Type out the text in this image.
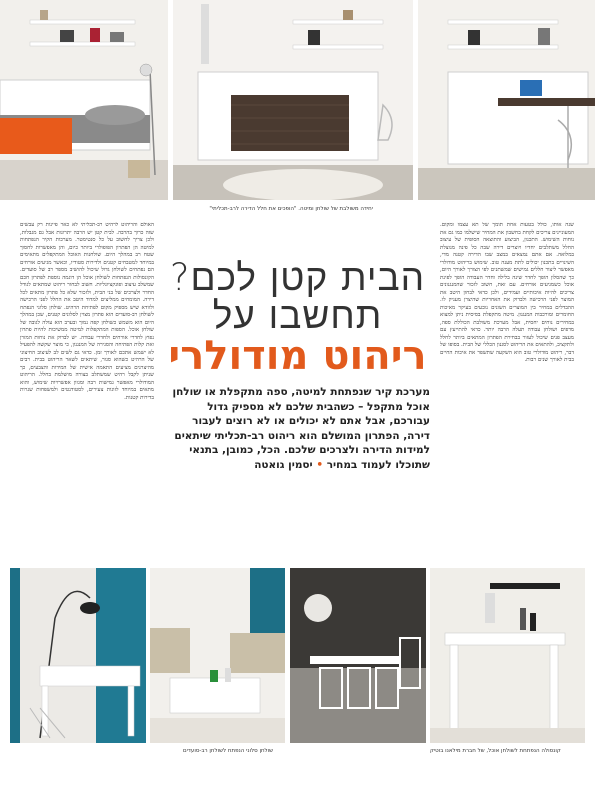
יחידה משולבת של שולחן ומיטה. "הופכים את חלל הדירה לרב-תכליתי"

האולם והריהוט לרהיט רב-תכליתי לא כאר פיינות רק עבשים שזה כרוך בהרבה. לבית קטן יש הרבה יתרונות אבל גם מגבלות, ולכן צריך לחשוב על כל סנטימטר. מערכות הקיר הנפתחות למיטה הן הפתרון הפופולרי ביותר כיום, והן מאפשרות לחסוך שטח רב במהלך היום. שולחנות האוכל המתקפלים מתאימים במיוחד למטבחים קטנים ולדירות סטודיו, וכאשר מגיעים אורחים הם נפתחים לשולחן גדול שיכול להושיב מספר רב של סועדים. הקונסולות הנפתחות לשולחן אוכל הן דוגמה נוספת לפתרון חכם שמשלב עיצוב ופונקציונליות. חשוב לבחור ריהוט שמתאים לגודל החדר ולצרכים של בני הבית, ולזכור שלא כל פתרון מתאים לכל דירה. המומחים ממליצים למדוד היטב את החלל לפני הרכישה ולוודא שיש מספיק מקום לפתיחת הרהיט. שולחן סלוני הנפתח לשולחן רב-סועדים הוא פתרון מצוין לסלונים קטנים, שכן במהלך היום הוא משמש כשולחן קפה נמוך ובערב הוא עולה לגובה של שולחן אוכל. הספות המתקפלות למיטה ממשיכות להיות פתרון נפוץ לחדרי אורחים ולחדרי עבודה. יש לבדוק את נוחות המזרן ואת קלות הפתיחה והסגירה של המנגנון, כי מוצר שקשה להפעיל לא ישמש אתכם לאורך זמן. כדאי גם לשים לב לעיצוב החיצוני של הרהיט כשהוא סגור, שיתאים לשאר הריהוט בבית. רבים מהיצרנים מציעים התאמה אישית של המידות והצבעים, כך שניתן לקבל רהיט שמשתלב בצורה מושלמת בחלל. הריהוט המודולרי מאפשר גמישות רבה ומגוון אפשרויות שימוש, והוא מתאים במיוחד לזוגות צעירים, לסטודנטים ולמשפחות שגרות בדירות קטנות.

שגה אותו, כולל בטעות אחת תומך של תא עצמו ומקום. המעוניינים צריכים לקחת בחשבון את המחיר שישלמו כמו גם את נוחות השימוש. התכנון, הביצוע והתוצאה הסופית של עיצוב החלל משתלבים יחדיו ויוצרים דירה שבה כל פינה מנוצלת במלואה. אם אתם נמצאים במצב שבו הדירה קטנה מדי, השינויים בתכנון יכולים לתת מענה טוב. שימוש בריהוט מודולרי מאפשר ליצור חללים גמישים שמשתנים לפי הצורך לאורך היום, כך שהסלון הופך לחדר שינה בלילה וחדר העבודה הופך לפינת אוכל כשמגיעים אורחים. עם זאת, חשוב לזכור שהמנגנונים צריכים להיות איכותיים ועמידים, ולכן כדאי לבחון היטב את המוצר לפני הרכישה ולבדוק את האחריות שהיצרן מעניק לו. ההבדלים במחיר בין המוצרים השונים נובעים בעיקר מאיכות החומרים ומורכבות המנגנון. מיטה מתקפלת בסיסית ניתן למצוא במחירים נוחים יחסית, אבל מערכת משולבת הכוללת ספה, מדפים ושולחן עבודה תעלה הרבה יותר. כדאי להתייעץ עם מעצב פנים שיכול לעזור בבחירת הפתרון המתאים ביותר לחלל ולתקציב, ולהתאים את הריהוט לסגנון הכללי של הבית. בסופו של דבר, ריהוט מודולרי טוב הוא השקעה שתשפר את איכות החיים בבית לאורך שנים רבות.

הבית קטן לכם?
תחשבו על
ריהוט מודולרי
מערכת קיר שנפתחת למיטה, ספה מתקפלת או שולחן אוכל מתקפל – כשהבית שלכם לא מספיק גדול עבורכם, אבל אתם לא יכולים או לא רוצים לעבור דירה, הפתרון המושלם הוא ריהוט רב-תכליתי שיתאים למידות הדירה ולצרכים שלכם. הכל, כמובן, בתנאי שתוכלו לעמוד במחיר • יסמין גואטה
שולחן סלוני הנפתח לשולחן רב-סועדים	קונסולה הנפתחת לשולחן אוכל, של חברת מילאנו בוטיק
